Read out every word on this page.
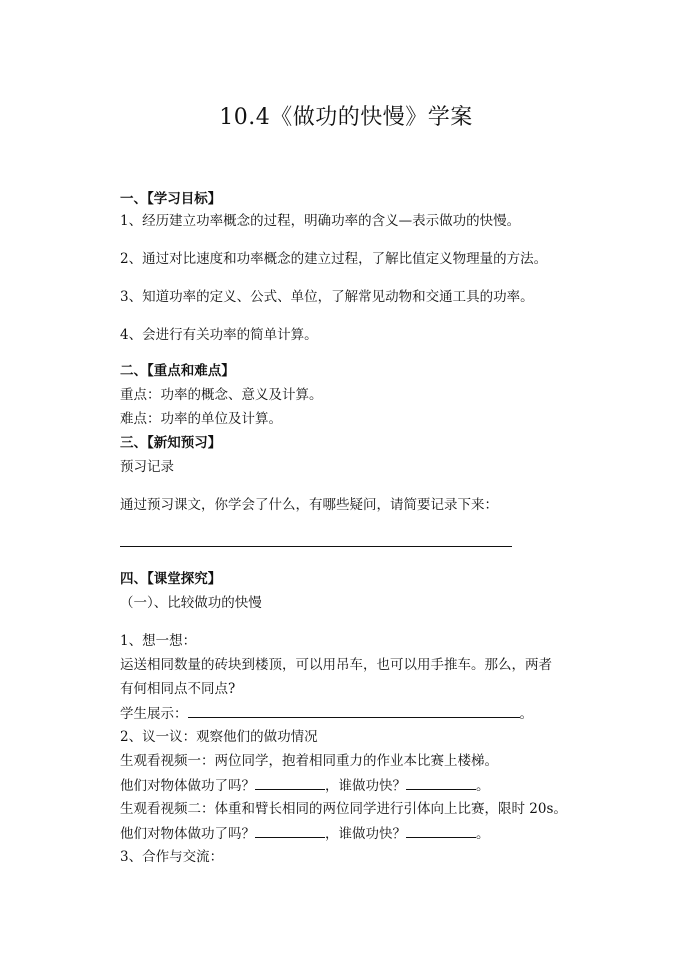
10.4《做功的快慢》学案
一、【学习目标】
1、经历建立功率概念的过程，明确功率的含义—表示做功的快慢。
2、通过对比速度和功率概念的建立过程，了解比值定义物理量的方法。
3、知道功率的定义、公式、单位，了解常见动物和交通工具的功率。
4、会进行有关功率的简单计算。
二、【重点和难点】
重点：功率的概念、意义及计算。
难点：功率的单位及计算。
三、【新知预习】
预习记录
通过预习课文，你学会了什么，有哪些疑问，请简要记录下来：
四、【课堂探究】
（一）、比较做功的快慢
1、想一想：
运送相同数量的砖块到楼顶，可以用吊车，也可以用手推车。那么，两者
有何相同点不同点?
学生展示：	。
2、议一议：观察他们的做功情况
生观看视频一：两位同学，抱着相同重力的作业本比赛上楼梯。
他们对物体做功了吗？	，谁做功快？	。
生观看视频二：体重和臂长相同的两位同学进行引体向上比赛，限时 20s。
他们对物体做功了吗？	，谁做功快？	。
3、合作与交流：
